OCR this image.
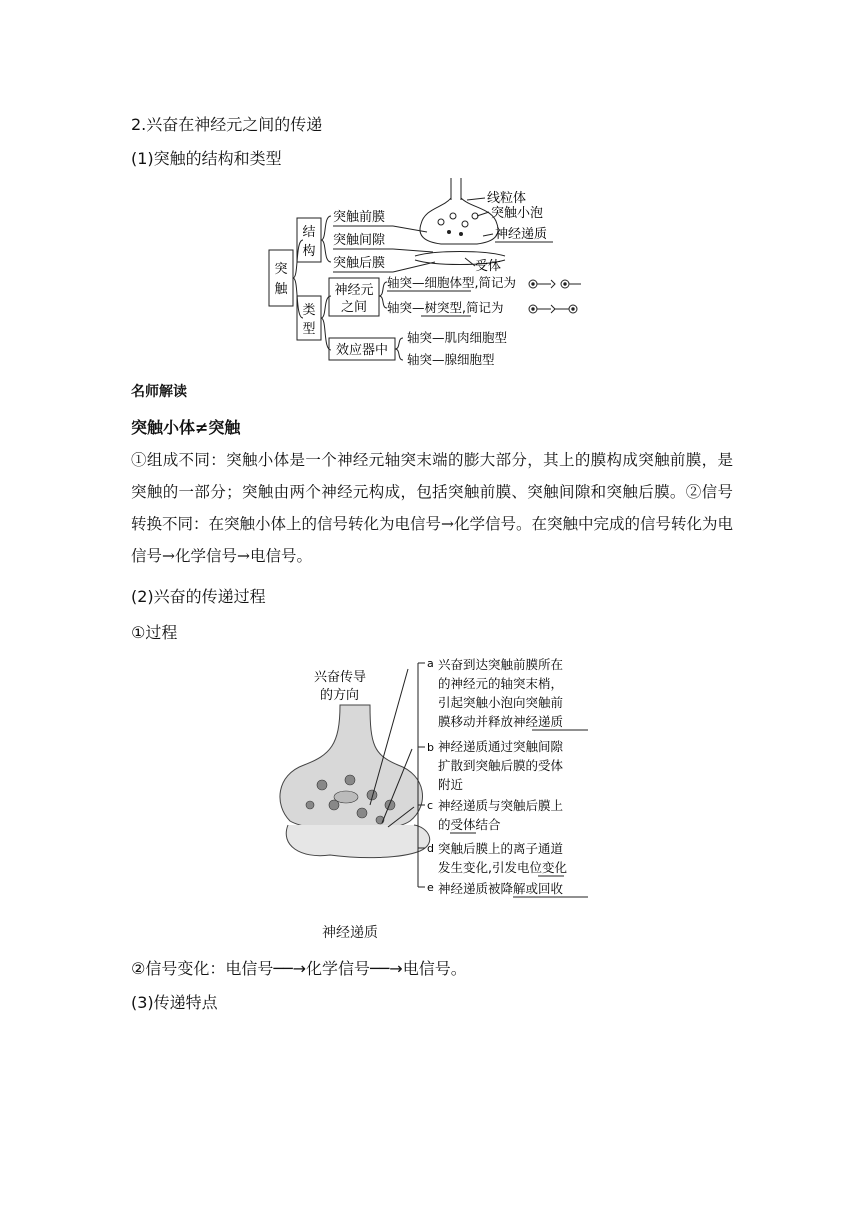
2.兴奋在神经元之间的传递
(1)突触的结构和类型
突
触
结
构
突触前膜
突触间隙
突触后膜
线粒体
突触小泡
神经递质
受体
类
型
神经元
之间
轴突—细胞体型,简记为
轴突—树突型,简记为
效应器中
轴突—肌肉细胞型
轴突—腺细胞型
名师解读
突触小体≠突触
①组成不同：突触小体是一个神经元轴突末端的膨大部分，其上的膜构成突触前膜，是突触的一部分；突触由两个神经元构成，包括突触前膜、突触间隙和突触后膜。②信号转换不同：在突触小体上的信号转化为电信号→化学信号。在突触中完成的信号转化为电信号→化学信号→电信号。
(2)兴奋的传递过程
①过程
兴奋传导
的方向
a
b
c
d
e
兴奋到达突触前膜所在
的神经元的轴突末梢，
引起突触小泡向突触前
膜移动并释放神经递质
神经递质通过突触间隙
扩散到突触后膜的受体
附近
神经递质与突触后膜上
的受体结合
突触后膜上的离子通道
发生变化,引发电位变化
神经递质被降解或回收
神经递质
②信号变化：电信号──→化学信号──→电信号。
(3)传递特点
